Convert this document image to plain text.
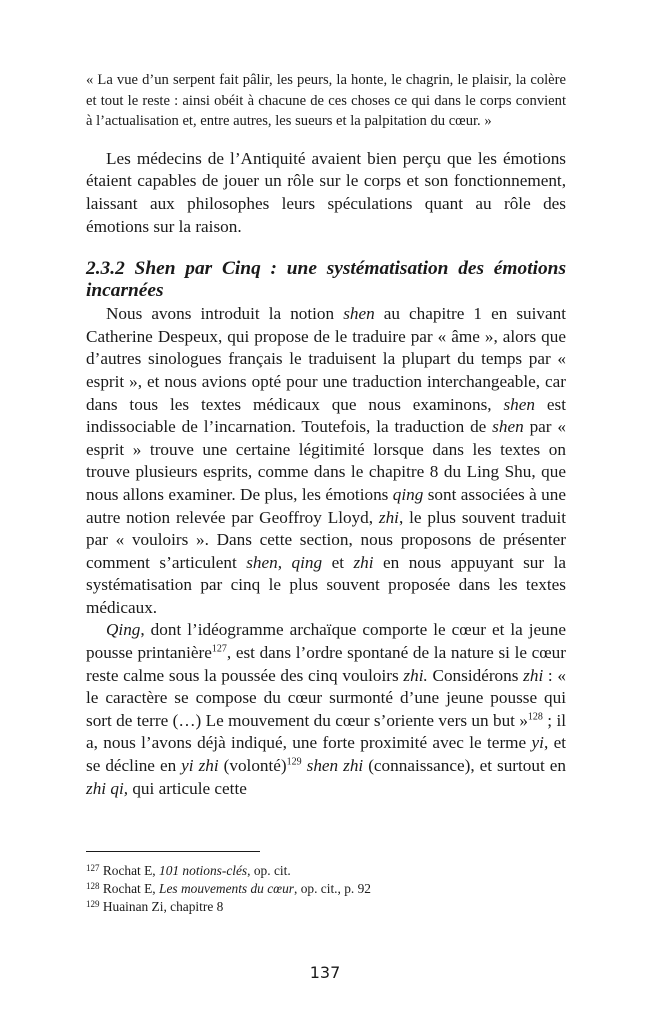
« La vue d’un serpent fait pâlir, les peurs, la honte, le chagrin, le plaisir, la colère et tout le reste : ainsi obéit à chacune de ces choses ce qui dans le corps convient à l’actualisation et, entre autres, les sueurs et la palpitation du cœur. »

Les médecins de l’Antiquité avaient bien perçu que les émotions étaient capables de jouer un rôle sur le corps et son fonctionnement, laissant aux philosophes leurs spéculations quant au rôle des émotions sur la raison.

2.3.2 Shen par Cinq : une systématisation des émotions incarnées

Nous avons introduit la notion shen au chapitre 1 en suivant Catherine Despeux, qui propose de le traduire par « âme », alors que d’autres sinologues français le traduisent la plupart du temps par « esprit », et nous avions opté pour une traduction interchangeable, car dans tous les textes médicaux que nous examinons, shen est indissociable de l’incarnation. Toutefois, la traduction de shen par « esprit » trouve une certaine légitimité lorsque dans les textes on trouve plusieurs esprits, comme dans le chapitre 8 du Ling Shu, que nous allons examiner. De plus, les émotions qing sont associées à une autre notion relevée par Geoffroy Lloyd, zhi, le plus souvent traduit par « vouloirs ». Dans cette section, nous proposons de présenter comment s’articulent shen, qing et zhi en nous appuyant sur la systématisation par cinq le plus souvent proposée dans les textes médicaux.

Qing, dont l’idéogramme archaïque comporte le cœur et la jeune pousse printanière$^{127}$, est dans l’ordre spontané de la nature si le cœur reste calme sous la poussée des cinq vouloirs zhi. Considérons zhi : « le caractère se compose du cœur surmonté d’une jeune pousse qui sort de terre (…) Le mouvement du cœur s’oriente vers un but »$^{128}$ ; il a, nous l’avons déjà indiqué, une forte proximité avec le terme yi, et se décline en yi zhi (volonté)$^{129}$ shen zhi (connaissance), et surtout en zhi qi, qui articule cette

$^{127}$ Rochat E, 101 notions-clés, op. cit.

$^{128}$ Rochat E, Les mouvements du cœur, op. cit., p. 92

$^{129}$ Huainan Zi, chapitre 8

137
